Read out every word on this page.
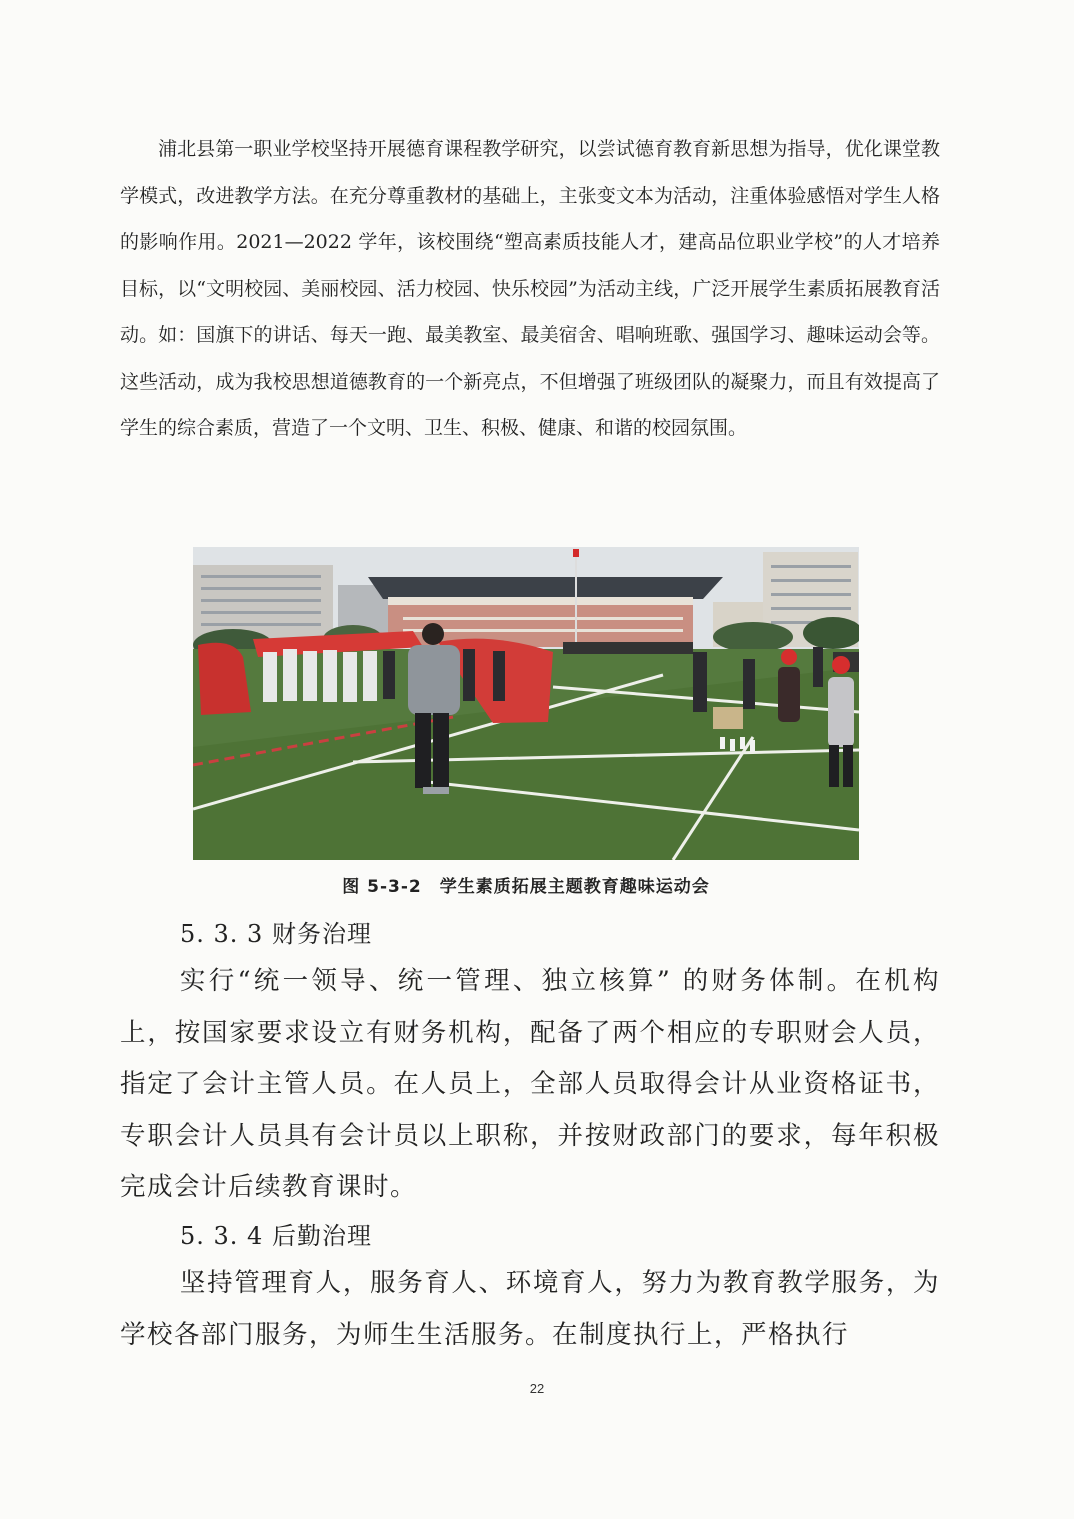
浦北县第一职业学校坚持开展德育课程教学研究，以尝试德育教育新思想为指导，优化课堂教学模式，改进教学方法。在充分尊重教材的基础上，主张变文本为活动，注重体验感悟对学生人格的影响作用。2021—2022 学年，该校围绕“塑高素质技能人才，建高品位职业学校”的人才培养目标，以“文明校园、美丽校园、活力校园、快乐校园”为活动主线，广泛开展学生素质拓展教育活动。如：国旗下的讲话、每天一跑、最美教室、最美宿舍、唱响班歌、强国学习、趣味运动会等。这些活动，成为我校思想道德教育的一个新亮点，不但增强了班级团队的凝聚力，而且有效提高了学生的综合素质，营造了一个文明、卫生、积极、健康、和谐的校园氛围。

图 5-3-2　学生素质拓展主题教育趣味运动会
5. 3. 3 财务治理

实行“统一领导、统一管理、独立核算” 的财务体制。在机构上，按国家要求设立有财务机构，配备了两个相应的专职财会人员，指定了会计主管人员。在人员上，全部人员取得会计从业资格证书，专职会计人员具有会计员以上职称，并按财政部门的要求，每年积极完成会计后续教育课时。

5. 3. 4 后勤治理

坚持管理育人，服务育人、环境育人，努力为教育教学服务，为学校各部门服务，为师生生活服务。在制度执行上，严格执行

22
